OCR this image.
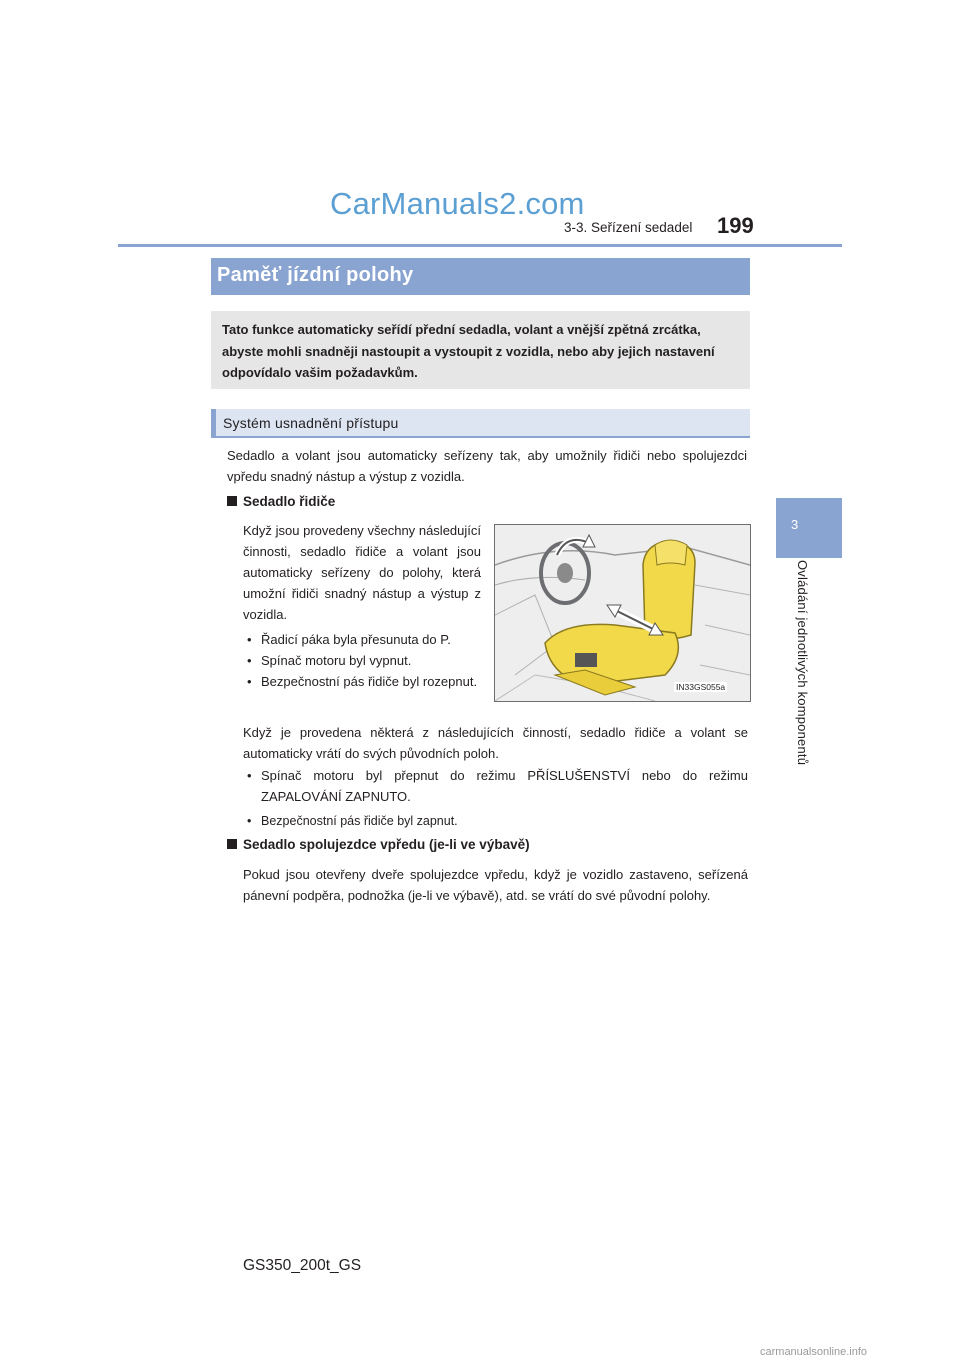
CarManuals2.com
3-3. Seřízení sedadel 199
3
Ovládání jednotlivých komponentů
Paměť jízdní polohy
Tato funkce automaticky seřídí přední sedadla, volant a vnější zpětná zrcátka, abyste mohli snadněji nastoupit a vystoupit z vozidla, nebo aby jejich nastavení odpovídalo vašim požadavkům.
Systém usnadnění přístupu
Sedadlo a volant jsou automaticky seřízeny tak, aby umožnily řidiči nebo spolujezdci vpředu snadný nástup a výstup z vozidla.
Sedadlo řidiče
Když jsou provedeny všechny následující činnosti, sedadlo řidiče a volant jsou automaticky seřízeny do polohy, která umožní řidiči snadný nástup a výstup z vozidla.
• Řadicí páka byla přesunuta do P.
• Spínač motoru byl vypnut.
• Bezpečnostní pás řidiče byl rozepnut.	IN33GS055a
Když je provedena některá z následujících činností, sedadlo řidiče a volant se automaticky vrátí do svých původních poloh.
• Spínač motoru byl přepnut do režimu PŘÍSLUŠENSTVÍ nebo do režimu ZAPALOVÁNÍ ZAPNUTO.
• Bezpečnostní pás řidiče byl zapnut.
Sedadlo spolujezdce vpředu (je-li ve výbavě)
Pokud jsou otevřeny dveře spolujezdce vpředu, když je vozidlo zastaveno, seřízená pánevní podpěra, podnožka (je-li ve výbavě), atd. se vrátí do své původní polohy.
GS350_200t_GS
carmanualsonline.info
